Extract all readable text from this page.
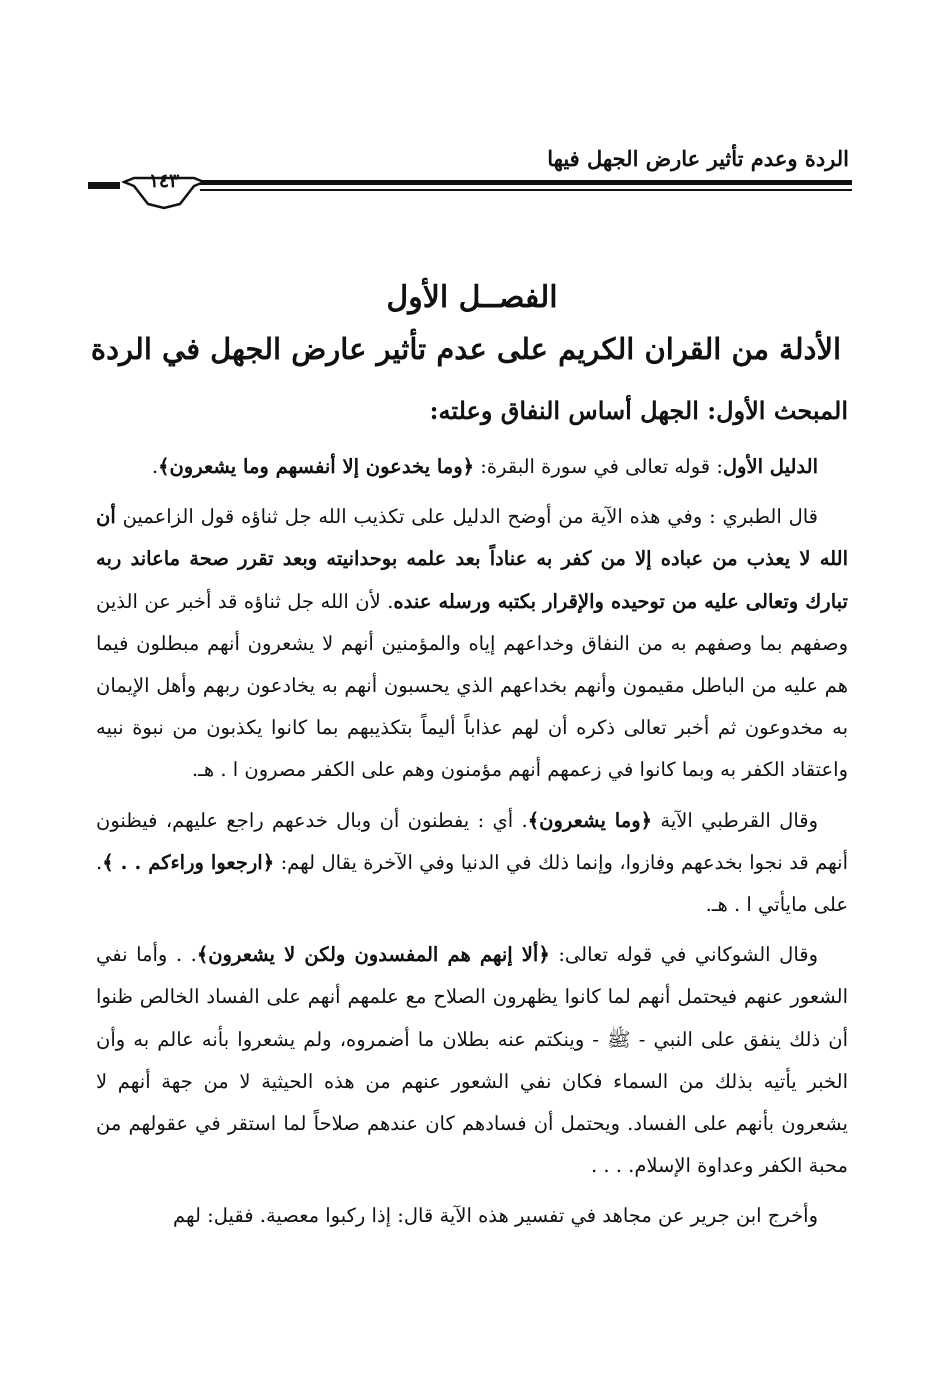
الردة وعدم تأثير عارض الجهل فيها
١٤٣
الفصــل الأول
الأدلة من القران الكريم على عدم تأثير عارض الجهل في الردة
المبحث الأول: الجهل أساس النفاق وعلته:

الدليل الأول: قوله تعالى في سورة البقرة: ﴿وما يخدعون إلا أنفسهم وما يشعرون﴾.

قال الطبري : وفي هذه الآية من أوضح الدليل على تكذيب الله جل ثناؤه قول الزاعمين أن الله لا يعذب من عباده إلا من كفر به عناداً بعد علمه بوحدانيته وبعد تقرر صحة ماعاند ربه تبارك وتعالى عليه من توحيده والإقرار بكتبه ورسله عنده. لأن الله جل ثناؤه قد أخبر عن الذين وصفهم بما وصفهم به من النفاق وخداعهم إياه والمؤمنين أنهم لا يشعرون أنهم مبطلون فيما هم عليه من الباطل مقيمون وأنهم بخداعهم الذي يحسبون أنهم به يخادعون ربهم وأهل الإيمان به مخدوعون ثم أخبر تعالى ذكره أن لهم عذاباً أليماً بتكذيبهم بما كانوا يكذبون من نبوة نبيه واعتقاد الكفر به وبما كانوا في زعمهم أنهم مؤمنون وهم على الكفر مصرون ا . هـ.

وقال القرطبي الآية ﴿وما يشعرون﴾. أي : يفطنون أن وبال خدعهم راجع عليهم، فيظنون أنهم قد نجوا بخدعهم وفازوا، وإنما ذلك في الدنيا وفي الآخرة يقال لهم: ﴿ارجعوا وراءكم . . ﴾. على مايأتي ا . هـ.

وقال الشوكاني في قوله تعالى: ﴿ألا إنهم هم المفسدون ولكن لا يشعرون﴾. . وأما نفي الشعور عنهم فيحتمل أنهم لما كانوا يظهرون الصلاح مع علمهم أنهم على الفساد الخالص ظنوا أن ذلك ينفق على النبي - ﷺ - وينكتم عنه بطلان ما أضمروه، ولم يشعروا بأنه عالم به وأن الخبر يأتيه بذلك من السماء فكان نفي الشعور عنهم من هذه الحيثية لا من جهة أنهم لا يشعرون بأنهم على الفساد. ويحتمل أن فسادهم كان عندهم صلاحاً لما استقر في عقولهم من محبة الكفر وعداوة الإسلام. . . .

وأخرج ابن جرير عن مجاهد في تفسير هذه الآية قال: إذا ركبوا معصية. فقيل: لهم
